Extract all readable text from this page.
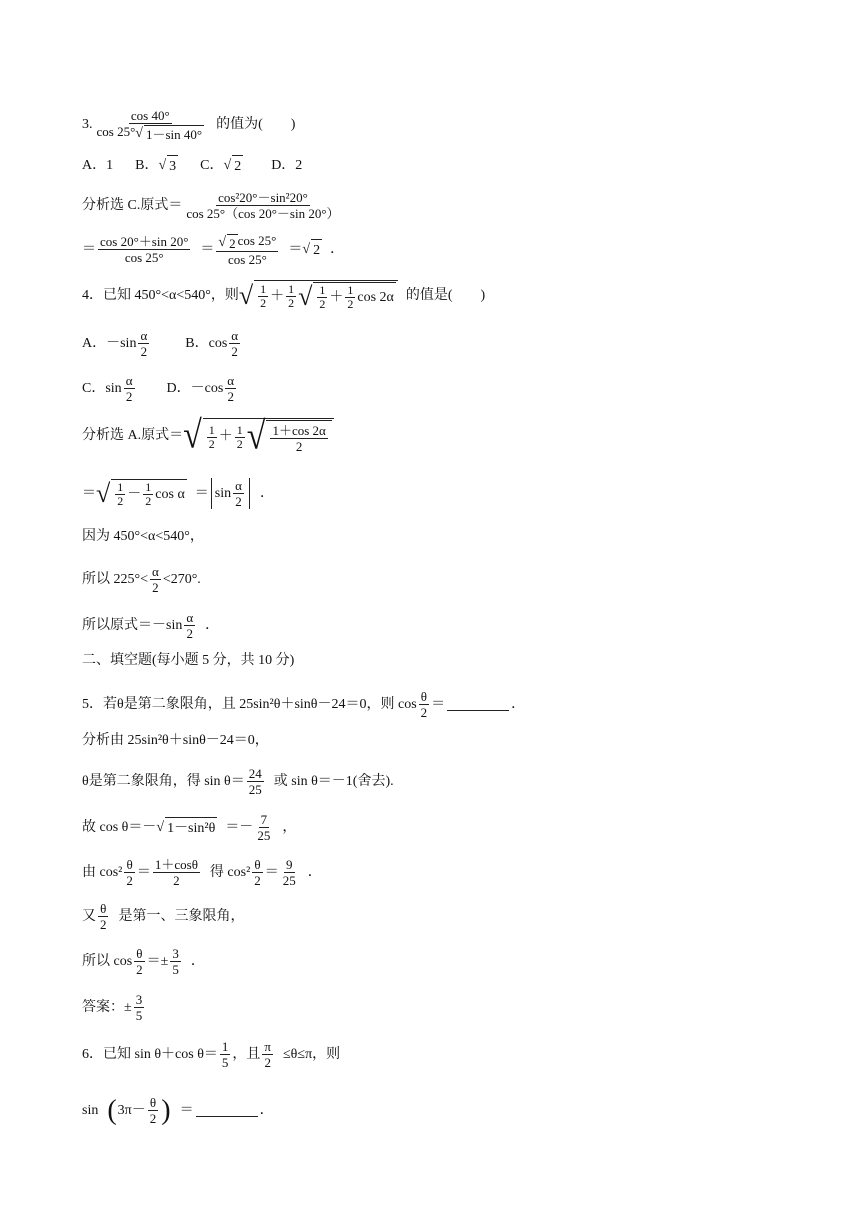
3. $\frac{\cos 40^\circ}{\cos 25^\circ √ 1-\sin 40^\circ}$ 的值为(　　)
A．1 B． √ 3 C． √ 2 D．2
分析选 C.原式＝ $\frac{\text{cos²20°－sin²20°}}{\cos 25^\circ(\cos 20^\circ-\sin 20^\circ)}$
＝ $\frac{\cos 20^\circ+\sin 20^\circ}{\cos 25^\circ} = \frac{√ 2 \cos 25^\circ}{\cos 25^\circ}$ ＝ √ 2 ．
4．已知 450°<α<540°，则 √ $\frac{1}{2} + \frac{1}{2}$ √ $\frac{1}{2} + \frac{1}{2}$ cos 2α 的值是(　　)
A．$-\sin \frac{\alpha}{2}$	B．$\cos \frac{\alpha}{2}$
C．$\sin \frac{\alpha}{2}$ D．$-\cos \frac{\alpha}{2}$
分析选 A.原式＝ √ $\frac{1}{2} + \frac{1}{2}$ √ $\frac{1+\cos 2\alpha}{2}$
＝ √ $\frac{1}{2} - \frac{1}{2}$ $\cos \alpha = \sin \frac{\alpha}{2}$ ．
因为 450°<α<540°，
所以 $225^\circ< \frac{\alpha}{2} <270^\circ$.
所以原式$=-\sin \frac{\alpha}{2}$ ．
二、填空题(每小题 5 分，共 10 分)
5．若θ是第二象限角，且 25sin²θ＋sinθ－24＝0，则 $\cos \frac{\theta}{2}$ ＝	．
分析由 25sin²θ＋sinθ－24＝0，
θ是第二象限角，得 $\sin \theta= \frac{24}{25}$ 或 sin θ＝－1(舍去).
故 cos θ＝－ √ $1-\sin^2\theta =- \frac{7}{25}$ ，
由 $\cos^2 \frac{\theta}{2} = \frac{1+\cos\theta}{2}$ 得 $\cos^2 \frac{\theta}{2} = \frac{9}{25}$ ．
又 $\frac{\theta}{2}$ 是第一、三象限角，
所以 $\cos \frac{\theta}{2} =\pm \frac{3}{5}$ ．
答案：± $\frac{3}{5}$
6．已知 sin θ＋cos $\theta= \frac{1}{5}$ ，且 $\frac{\pi}{2} \le\theta\le\pi$，则
sin ( $3\pi- \frac{\theta}{2}$ ) ＝	．
